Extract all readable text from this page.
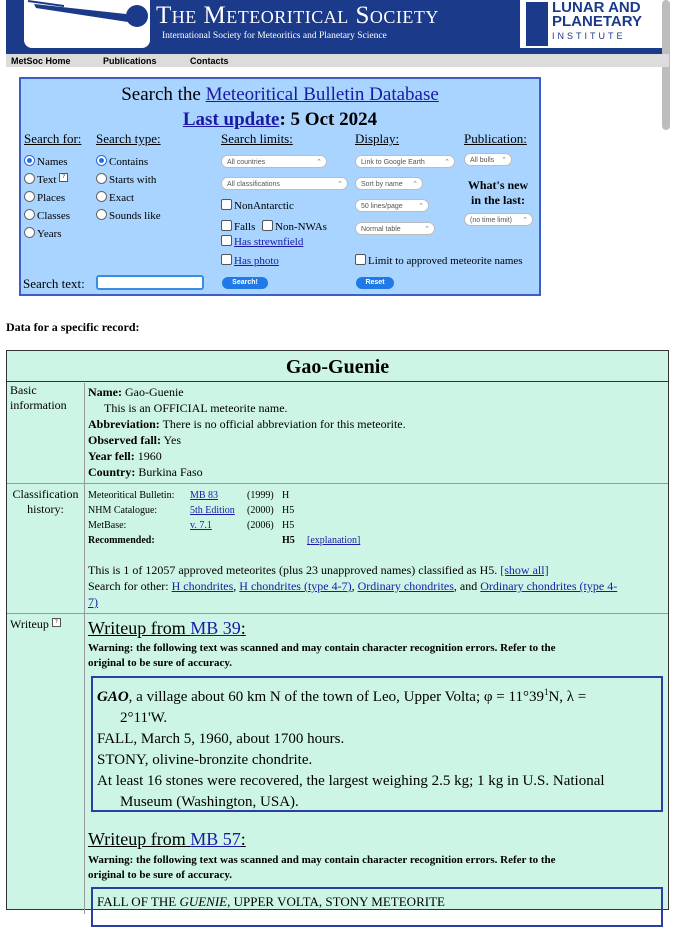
The Meteoritical Society
International Society for Meteoritics and Planetary Science
LUNAR AND
PLANETARY
INSTITUTE
MetSoc Home	Publications	Contacts
Search the Meteoritical Bulletin Database
Last update: 5 Oct 2024
Search for: Search type:	Search limits:	Display:	Publication:
Names
Text ?
Places
Classes
Years
Contains
Starts with
Exact
Sounds like
All countries ⌃
All classifications ⌃
NonAntarctic
Falls	Non-NWAs
Has strewnfield
Has photo
Link to Google Earth ⌃
Sort by name ⌃
50 lines/page ⌃
Normal table ⌃
Limit to approved meteorite names
All bulls ⌃
What's new
in the last:
(no time limit) ⌃
Search text:	Search!	Reset
Data for a specific record:
Gao-Guenie
Basic
information
Name: Gao-Guenie
This is an OFFICIAL meteorite name.
Abbreviation: There is no official abbreviation for this meteorite.
Observed fall: Yes
Year fell: 1960
Country: Burkina Faso
Classification
history:
Meteoritical Bulletin: MB 83	(1999) H
NHM Catalogue:	5th Edition (2000) H5
MetBase:	v. 7.1	(2006) H5
Recommended:	H5 [explanation]
This is 1 of 12057 approved meteorites (plus 23 unapproved names) classified as H5. [show all]
Search for other: H chondrites, H chondrites (type 4-7), Ordinary chondrites, and Ordinary chondrites (type 4-
7)
Writeup ?	Writeup from MB 39:
Warning: the following text was scanned and may contain character recognition errors. Refer to the
original to be sure of accuracy.
GAO, a village about 60 km N of the town of Leo, Upper Volta; $\varphi = 11^\circ 39^1N$, λ =
2°11'W.
FALL, March 5, 1960, about 1700 hours.
STONY, olivine-bronzite chondrite.
At least 16 stones were recovered, the largest weighing 2.5 kg; 1 kg in U.S. National
Museum (Washington, USA).
Writeup from MB 57:
Warning: the following text was scanned and may contain character recognition errors. Refer to the
original to be sure of accuracy.
FALL OF THE GUENIE, UPPER VOLTA, STONY METEORITE
